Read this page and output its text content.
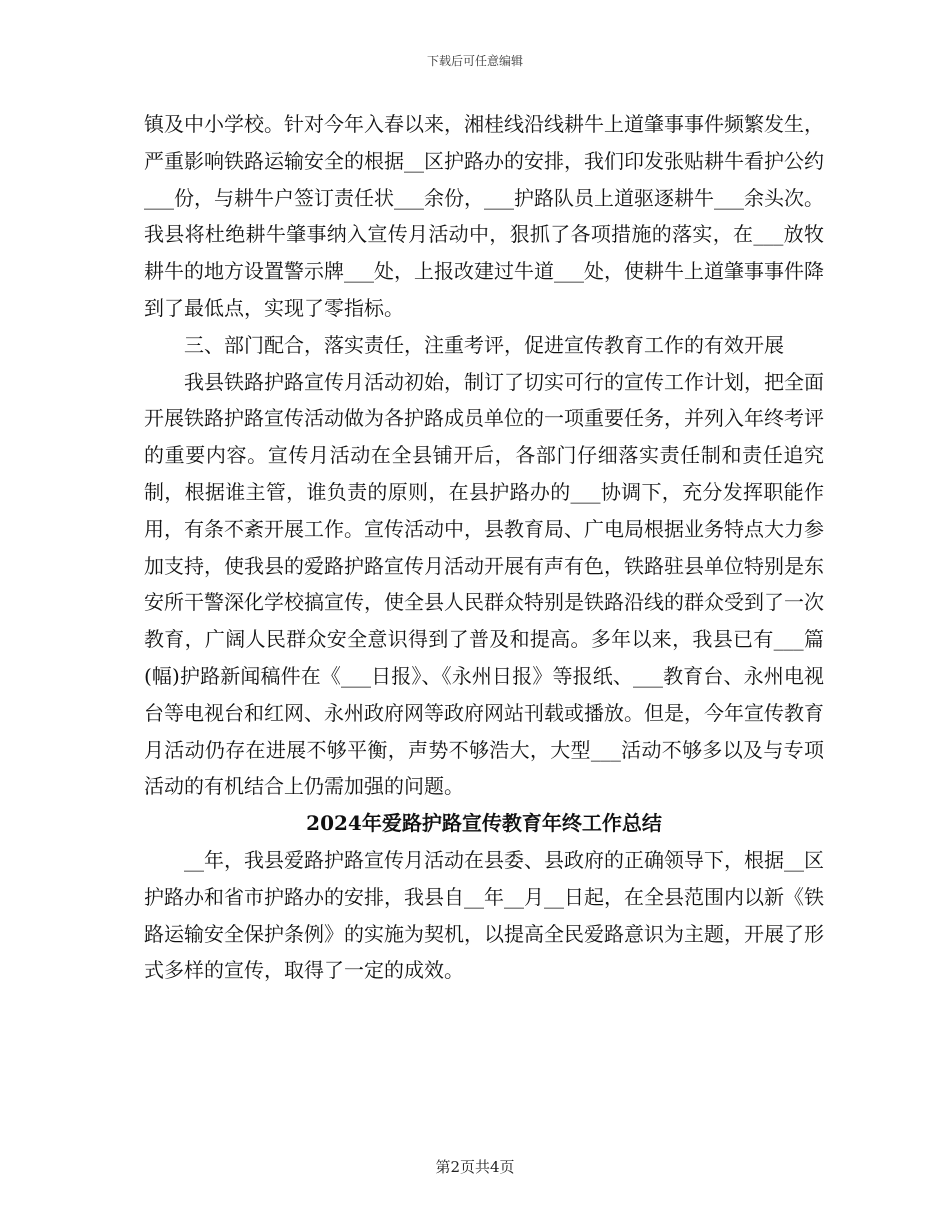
下载后可任意编辑

镇及中小学校。针对今年入春以来，湘桂线沿线耕牛上道肇事事件频繁发生，严重影响铁路运输安全的根据__区护路办的安排，我们印发张贴耕牛看护公约___份，与耕牛户签订责任状___余份，___护路队员上道驱逐耕牛___余头次。我县将杜绝耕牛肇事纳入宣传月活动中，狠抓了各项措施的落实，在___放牧耕牛的地方设置警示牌___处，上报改建过牛道___处，使耕牛上道肇事事件降到了最低点，实现了零指标。

三、部门配合，落实责任，注重考评，促进宣传教育工作的有效开展

我县铁路护路宣传月活动初始，制订了切实可行的宣传工作计划，把全面开展铁路护路宣传活动做为各护路成员单位的一项重要任务，并列入年终考评的重要内容。宣传月活动在全县铺开后，各部门仔细落实责任制和责任追究制，根据谁主管，谁负责的原则，在县护路办的___协调下，充分发挥职能作用，有条不紊开展工作。宣传活动中，县教育局、广电局根据业务特点大力参加支持，使我县的爱路护路宣传月活动开展有声有色，铁路驻县单位特别是东安所干警深化学校搞宣传，使全县人民群众特别是铁路沿线的群众受到了一次教育，广阔人民群众安全意识得到了普及和提高。多年以来，我县已有___篇(幅)护路新闻稿件在《___日报》、《永州日报》等报纸、___教育台、永州电视台等电视台和红网、永州政府网等政府网站刊载或播放。但是，今年宣传教育月活动仍存在进展不够平衡，声势不够浩大，大型___活动不够多以及与专项活动的有机结合上仍需加强的问题。

2024年爱路护路宣传教育年终工作总结

__年，我县爱路护路宣传月活动在县委、县政府的正确领导下，根据__区护路办和省市护路办的安排，我县自__年__月__日起，在全县范围内以新《铁路运输安全保护条例》的实施为契机，以提高全民爱路意识为主题，开展了形式多样的宣传，取得了一定的成效。

第2页共4页
